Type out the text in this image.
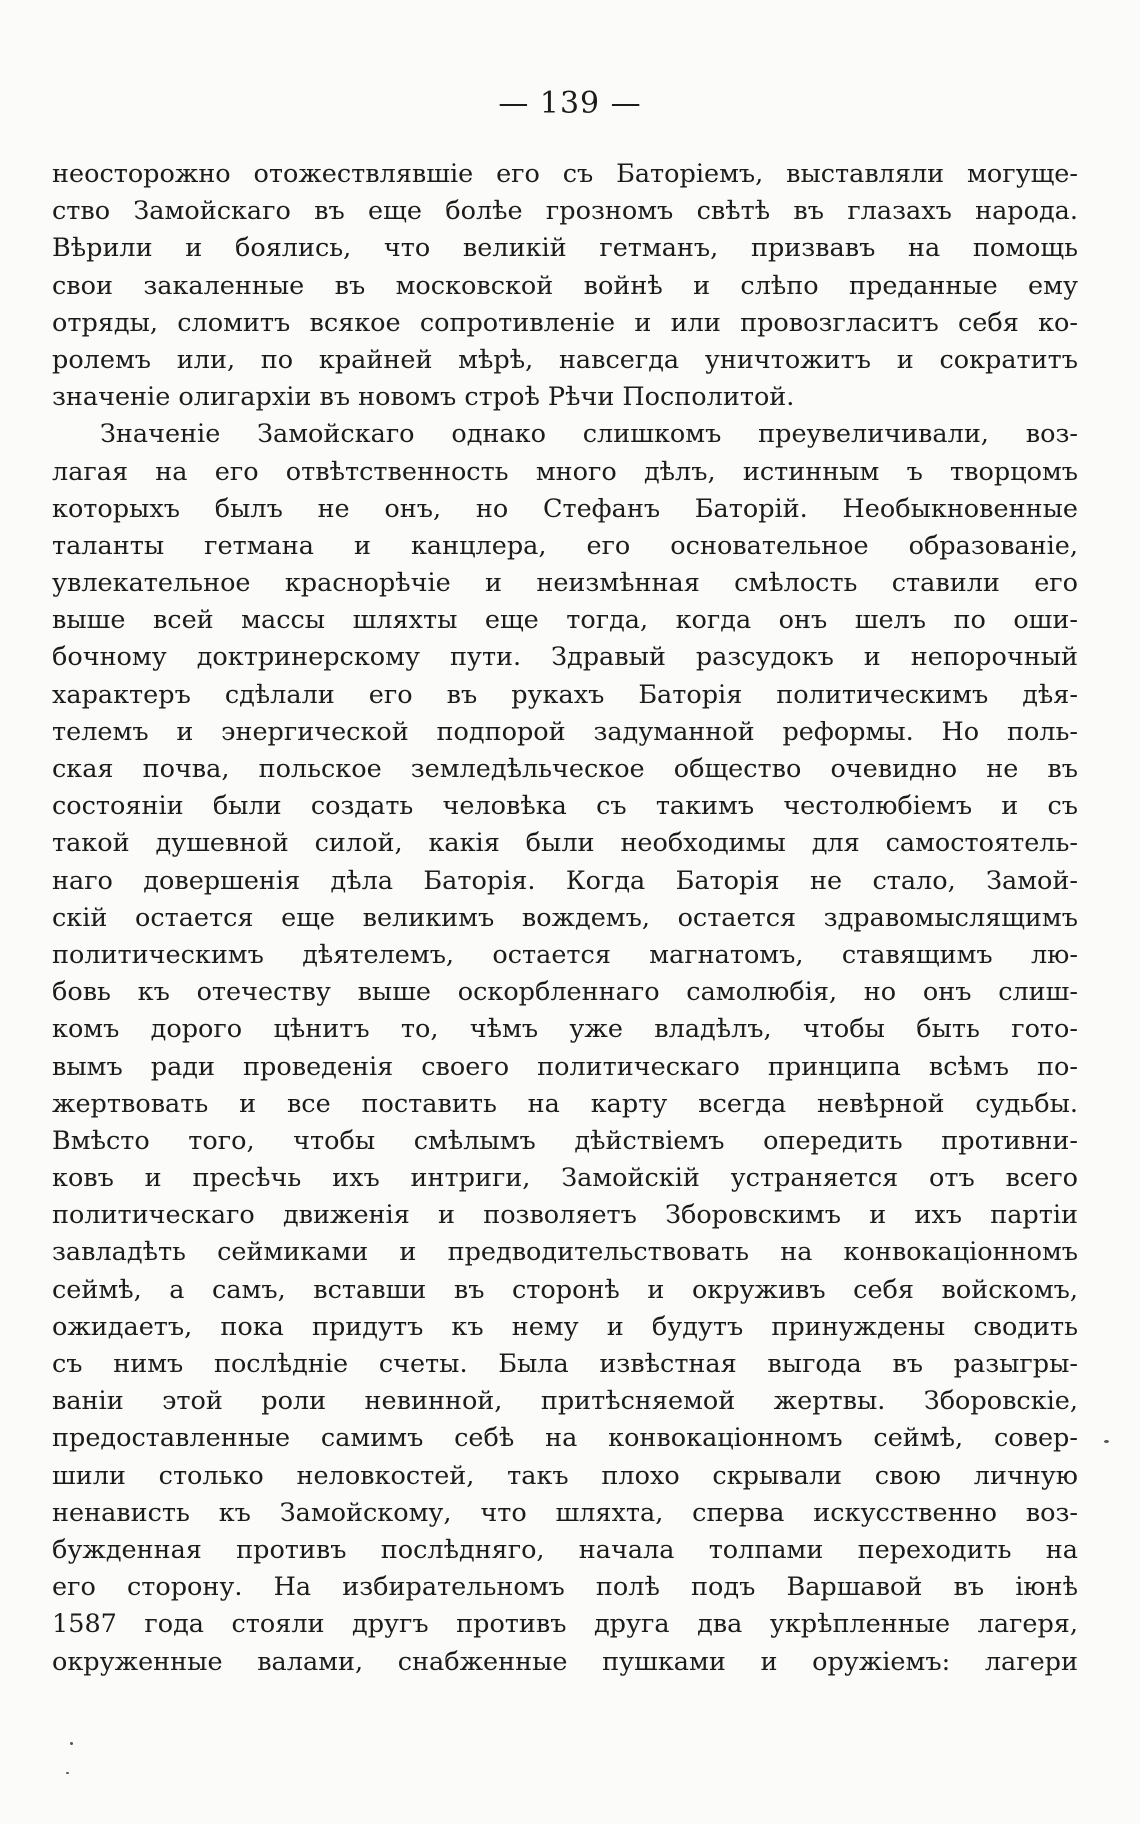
— 139 —
неосторожно отожествлявшіе его съ Баторіемъ, выставляли могуще-
ство Замойскаго въ еще болѣе грозномъ свѣтѣ въ глазахъ народа.
Вѣрили и боялись, что великій гетманъ, призвавъ на помощь
свои закаленные въ московской войнѣ и слѣпо преданные ему
отряды, сломитъ всякое сопротивленіе и или провозгласитъ себя ко-
ролемъ или, по крайней мѣрѣ, навсегда уничтожитъ и сократитъ
значеніе олигархіи въ новомъ строѣ Рѣчи Посполитой.
Значеніе Замойскаго однако слишкомъ преувеличивали, воз-
лагая на его отвѣтственность много дѣлъ, истинным ъ творцомъ
которыхъ былъ не онъ, но Стефанъ Баторій. Необыкновенные
таланты гетмана и канцлера, его основательное образованіе,
увлекательное краснорѣчіе и неизмѣнная смѣлость ставили его
выше всей массы шляхты еще тогда, когда онъ шелъ по оши-
бочному доктринерскому пути. Здравый разсудокъ и непорочный
характеръ сдѣлали его въ рукахъ Баторія политическимъ дѣя-
телемъ и энергической подпорой задуманной реформы. Но поль-
ская почва, польское земледѣльческое общество очевидно не въ
состояніи были создать человѣка съ такимъ честолюбіемъ и съ
такой душевной силой, какія были необходимы для самостоятель-
наго довершенія дѣла Баторія. Когда Баторія не стало, Замой-
скій остается еще великимъ вождемъ, остается здравомыслящимъ
политическимъ дѣятелемъ, остается магнатомъ, ставящимъ лю-
бовь къ отечеству выше оскорбленнаго самолюбія, но онъ слиш-
комъ дорого цѣнитъ то, чѣмъ уже владѣлъ, чтобы быть гото-
вымъ ради проведенія своего политическаго принципа всѣмъ по-
жертвовать и все поставить на карту всегда невѣрной судьбы.
Вмѣсто того, чтобы смѣлымъ дѣйствіемъ опередить противни-
ковъ и пресѣчь ихъ интриги, Замойскій устраняется отъ всего
политическаго движенія и позволяетъ Зборовскимъ и ихъ партіи
завладѣть сеймиками и предводительствовать на конвокаціонномъ
сеймѣ, а самъ, вставши въ сторонѣ и окруживъ себя войскомъ,
ожидаетъ, пока придутъ къ нему и будутъ принуждены сводить
съ нимъ послѣдніе счеты. Была извѣстная выгода въ разыгры-
ваніи этой роли невинной, притѣсняемой жертвы. Зборовскіе,
предоставленные самимъ себѣ на конвокаціонномъ сеймѣ, совер-
шили столько неловкостей, такъ плохо скрывали свою личную
ненависть къ Замойскому, что шляхта, сперва искусственно воз-
бужденная противъ послѣдняго, начала толпами переходить на
его сторону. На избирательномъ полѣ подъ Варшавой въ іюнѣ
1587 года стояли другъ противъ друга два укрѣпленные лагеря,
окруженные валами, снабженные пушками и оружіемъ: лагери
